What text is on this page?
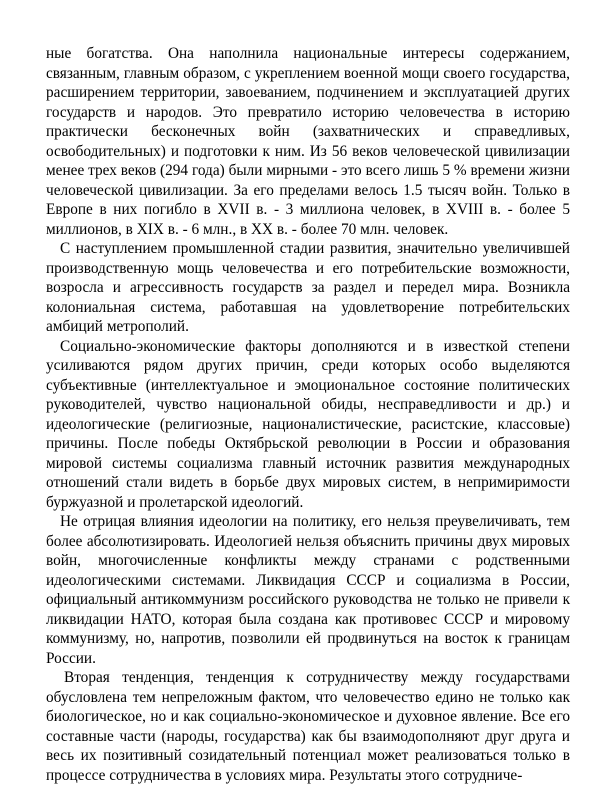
ные богатства. Она наполнила национальные интересы содержанием, связанным, главным образом, с укреплением военной мощи своего государства, расширением территории, завоеванием, подчинением и эксплуатацией других государств и народов. Это превратило историю человечества в историю практически бесконечных войн (захватнических и справедливых, освободительных) и подготовки к ним. Из 56 веков человеческой цивилизации менее трех веков (294 года) были мирными - это всего лишь 5 % времени жизни человеческой цивилизации. За его пределами велось 1.5 тысяч войн. Только в Европе в них погибло в XVII в. - 3 миллиона человек, в XVIII в. - более 5 миллионов, в XIX в. - 6 млн., в XX в. - более 70 млн. человек.

С наступлением промышленной стадии развития, значительно увеличившей производственную мощь человечества и его потребительские возможности, возросла и агрессивность государств за раздел и передел мира. Возникла колониальная система, работавшая на удовлетворение потребительских амбиций метрополий.

Социально-экономические факторы дополняются и в известкой степени усиливаются рядом других причин, среди которых особо выделяются субъективные (интеллектуальное и эмоциональное состояние политических руководителей, чувство национальной обиды, несправедливости и др.) и идеологические (религиозные, националистические, расистские, классовые) причины. После победы Октябрьской революции в России и образования мировой системы социализма главный источник развития международных отношений стали видеть в борьбе двух мировых систем, в непримиримости буржуазной и пролетарской идеологий.

Не отрицая влияния идеологии на политику, его нельзя преувеличивать, тем более абсолютизировать. Идеологией нельзя объяснить причины двух мировых войн, многочисленные конфликты между странами с родственными идеологическими системами. Ликвидация СССР и социализма в России, официальный антикоммунизм российского руководства не только не привели к ликвидации НАТО, которая была создана как противовес СССР и мировому коммунизму, но, напротив, позволили ей продвинуться на восток к границам России.

Вторая тенденция, тенденция к сотрудничеству между государствами обусловлена тем непреложным фактом, что человечество едино не только как биологическое, но и как социально-экономическое и духовное явление. Все его составные части (народы, государства) как бы взаимодополняют друг друга и весь их позитивный созидательный потенциал может реализоваться только в процессе сотрудничества в условиях мира. Результаты этого сотрудниче-
